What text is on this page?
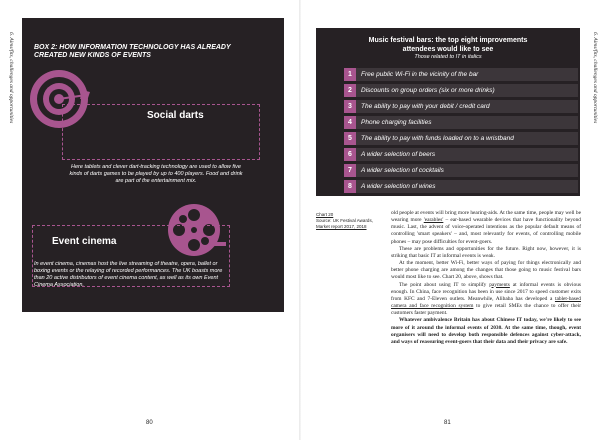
6. Aims/fits, challenges and opportunities	BOX 2: HOW INFORMATION TECHNOLOGY HAS ALREADY CREATED NEW KINDS OF EVENTS
Social darts
Here tablets and clever dart-tracking technology are used to allow five kinds of darts games to be played by up to 400 players. Food and drink are part of the entertainment mix.
Event cinema
In event cinema, cinemas host the live streaming of theatre, opera, ballet or boxing events or the relaying of recorded performances. The UK boasts more than 20 active distributors of event cinema content, as well as its own Event Cinema Association.
80
6. Aims/fits, challenges and opportunities
Music festival bars: the top eight improvements
attendees would like to see
Those related to IT in italics
1	Free public Wi-Fi in the vicinity of the bar
2	Discounts on group orders (six or more drinks)
3	The ability to pay with your debit / credit card
4	Phone charging facilities
5	The ability to pay with funds loaded on to a wristband
6	A wider selection of beers
7	A wider selection of cocktails
8	A wider selection of wines
Chart 20
Source: UK Festival Awards,
Market report 2017, 2018

old people at events will bring more hearing-aids. At the same time, people may well be wearing more 'earables' – ear-based wearable devices that have functionality beyond music. Last, the advent of voice-operated intentions as the popular default means of controlling 'smart speakers' – and, most relevantly for events, of controlling mobile phones – may pose difficulties for event-goers.

These are problems and opportunities for the future. Right now, however, it is striking that basic IT at informal events is weak.

At the moment, better Wi-Fi, better ways of paying for things electronically and better phone charging are among the changes that those going to music festival bars would most like to see. Chart 20, above, shows that.

The point about using IT to simplify payments at informal events is obvious enough. In China, face recognition has been in use since 2017 to speed customer exits from KFC and 7-Eleven outlets. Meanwhile, Alibaba has developed a tablet-based camera and face recognition system to give retail SMEs the chance to offer their customers faster payment.

Whatever ambivalence Britain has about Chinese IT today, we're likely to see more of it around the informal events of 2030. At the same time, though, event organisers will need to develop both responsible defences against cyber-attack, and ways of reassuring event-goers that their data and their privacy are safe.

81
